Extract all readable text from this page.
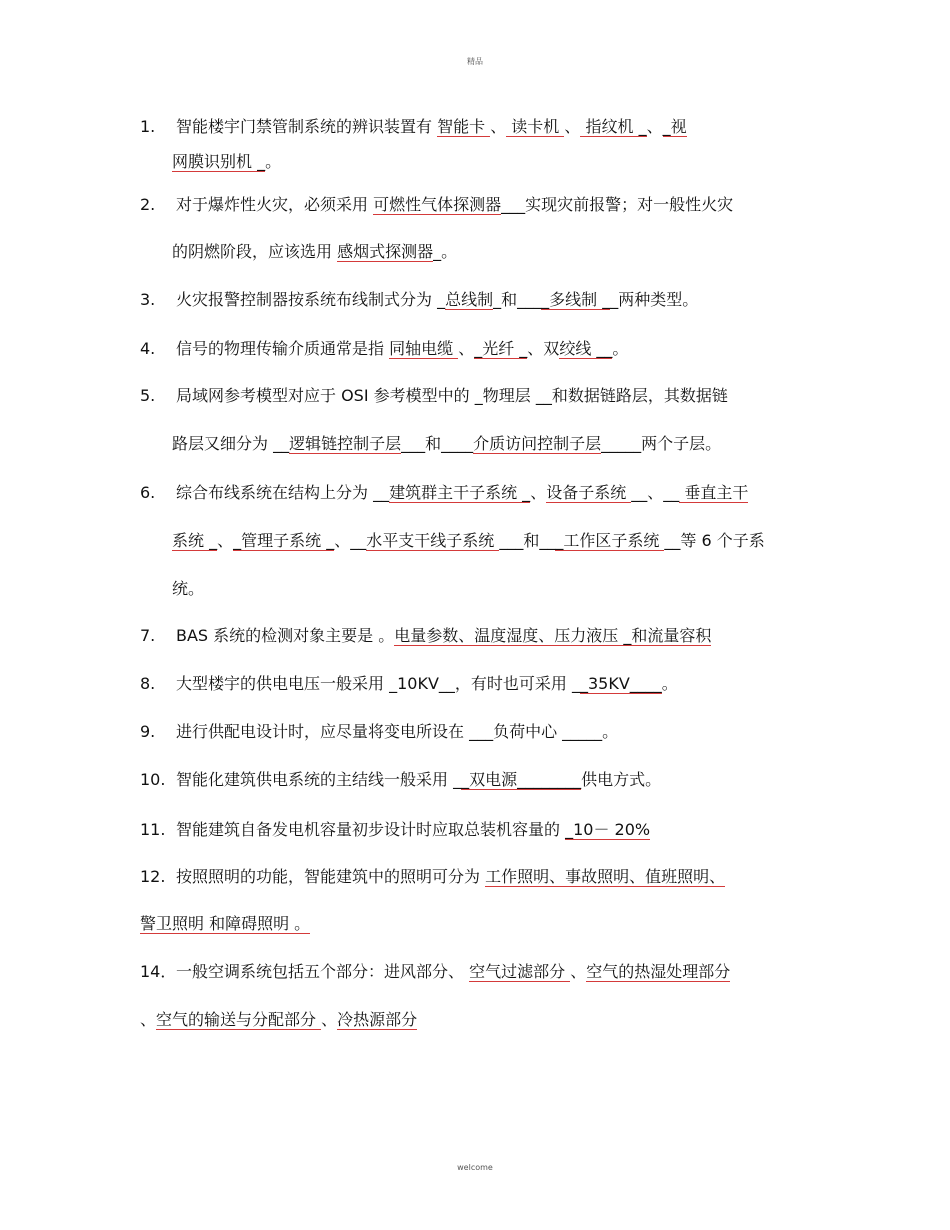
精品
1. 智能楼宇门禁管制系统的辨识装置有 智能卡 、 读卡机 、 指纹机 _、_视
网膜识别机 _。
2. 对于爆炸性火灾，必须采用 可燃性气体探测器___实现灾前报警；对一般性火灾
的阴燃阶段，应该选用 感烟式探测器_。
3. 火灾报警控制器按系统布线制式分为 _总线制_和____多线制 __两种类型。
4. 信号的物理传输介质通常是指 同轴电缆 、_光纤 _、双绞线 __。
5. 局域网参考模型对应于 OSI 参考模型中的 _物理层 __和数据链路层，其数据链
路层又细分为 __逻辑链控制子层___和____介质访问控制子层_____两个子层。
6. 综合布线系统在结构上分为 __建筑群主干子系统 _、设备子系统 __、__ 垂直主干
系统 _、_管理子系统 _、__水平支干线子系统 ___和___工作区子系统 __等 6 个子系
统。
7. BAS 系统的检测对象主要是 。电量参数、温度湿度、压力液压 _和流量容积
8. 大型楼宇的供电电压一般采用 _10KV__，有时也可采用 __35KV____。
9. 进行供配电设计时，应尽量将变电所设在 ___负荷中心 _____。
10. 智能化建筑供电系统的主结线一般采用 __双电源________供电方式。
11. 智能建筑自备发电机容量初步设计时应取总装机容量的 _10－ 20%
12. 按照照明的功能，智能建筑中的照明可分为 工作照明、事故照明、值班照明、
警卫照明 和障碍照明 。
14．一般空调系统包括五个部分：进风部分、 空气过滤部分 、空气的热湿处理部分
、空气的输送与分配部分 、冷热源部分
welcome
